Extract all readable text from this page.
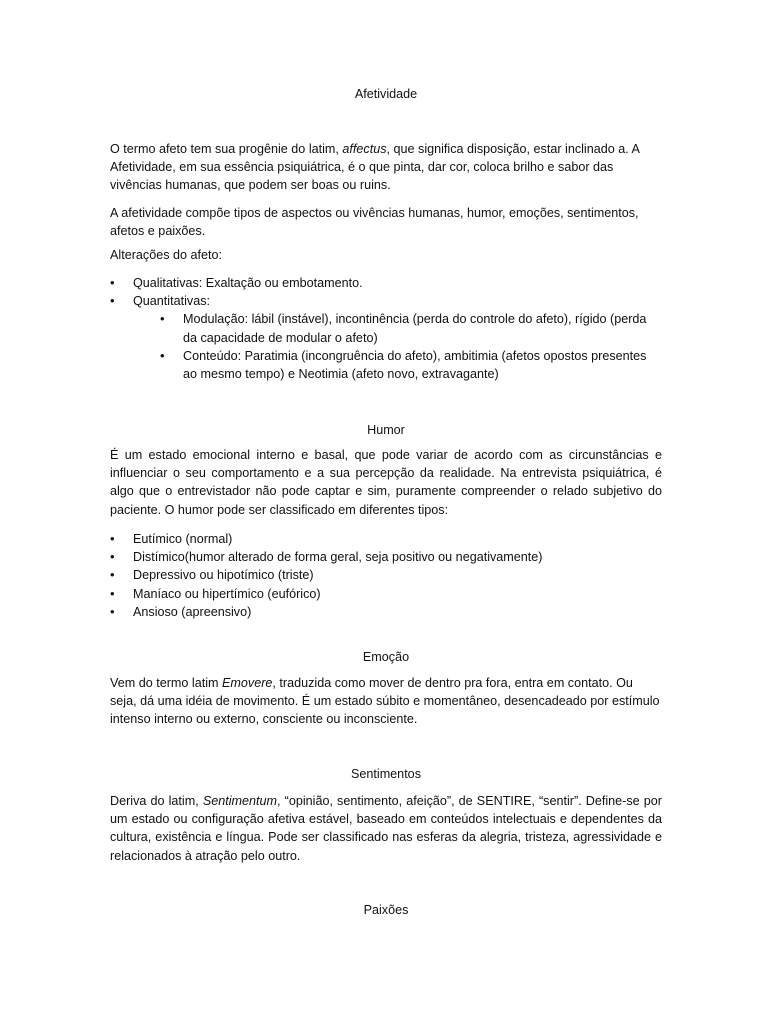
Afetividade

O termo afeto tem sua progênie do latim, affectus, que significa disposição, estar inclinado a. A Afetividade, em sua essência psiquiátrica, é o que pinta, dar cor, coloca brilho e sabor das vivências humanas, que podem ser boas ou ruins.

A afetividade compõe tipos de aspectos ou vivências humanas, humor, emoções, sentimentos, afetos e paixões.

Alterações do afeto:

• Qualitativas: Exaltação ou embotamento.
• Quantitativas:
• Modulação: lábil (instável), incontinência (perda do controle do afeto), rígido (perda da capacidade de modular o afeto)
• Conteúdo: Paratimia (incongruência do afeto), ambitimia (afetos opostos presentes ao mesmo tempo) e Neotimia (afeto novo, extravagante)

Humor

É um estado emocional interno e basal, que pode variar de acordo com as circunstâncias e influenciar o seu comportamento e a sua percepção da realidade. Na entrevista psiquiátrica, é algo que o entrevistador não pode captar e sim, puramente compreender o relado subjetivo do paciente. O humor pode ser classificado em diferentes tipos:

• Eutímico (normal)
• Distímico(humor alterado de forma geral, seja positivo ou negativamente)
• Depressivo ou hipotímico (triste)
• Maníaco ou hipertímico (eufórico)
• Ansioso (apreensivo)

Emoção

Vem do termo latim Emovere, traduzida como mover de dentro pra fora, entra em contato. Ou seja, dá uma idéia de movimento. É um estado súbito e momentâneo, desencadeado por estímulo intenso interno ou externo, consciente ou inconsciente.

Sentimentos

Deriva do latim, Sentimentum, “opinião, sentimento, afeição”, de SENTIRE, “sentir”. Define-se por um estado ou configuração afetiva estável, baseado em conteúdos intelectuais e dependentes da cultura, existência e língua. Pode ser classificado nas esferas da alegria, tristeza, agressividade e relacionados à atração pelo outro.

Paixões
